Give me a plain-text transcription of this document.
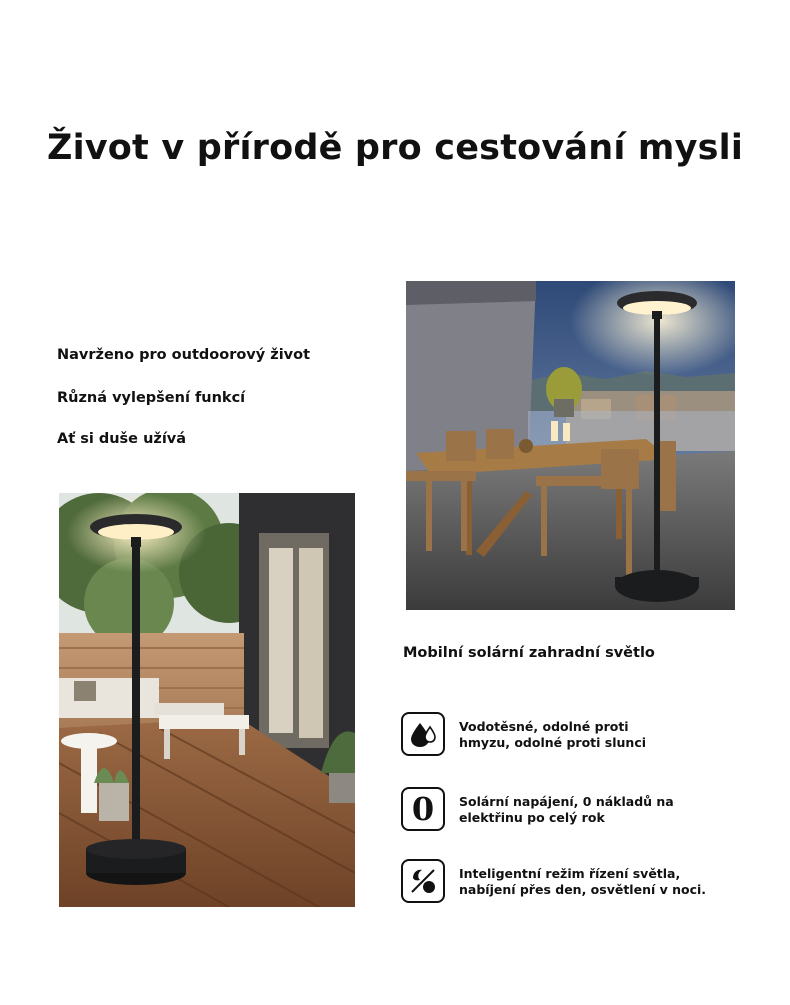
Život v přírodě pro cestování mysli
Navrženo pro outdoorový život
Různá vylepšení funkcí
Ať si duše užívá
Mobilní solární zahradní světlo
Vodotěsné, odolné proti
hmyzu, odolné proti slunci
0 Solární napájení, 0 nákladů na
elektřinu po celý rok
Inteligentní režim řízení světla,
nabíjení přes den, osvětlení v noci.
